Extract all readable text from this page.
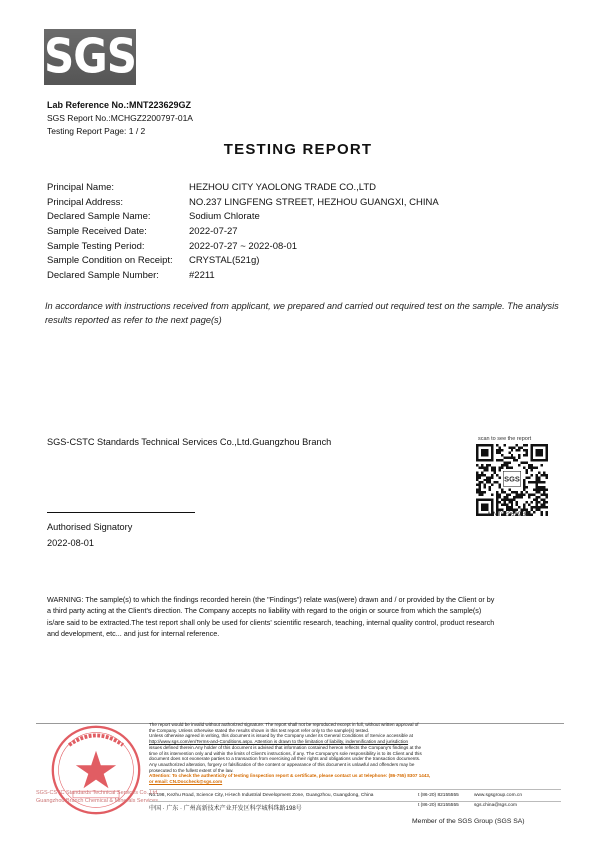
SGS
Lab Reference No.:MNT223629GZ
SGS Report No.:MCHGZ2200797-01A
Testing Report Page: 1 / 2
TESTING REPORT
Principal Name:	HEZHOU CITY YAOLONG TRADE CO.,LTD
Principal Address:	NO.237 LINGFENG STREET, HEZHOU GUANGXI, CHINA
Declared Sample Name:	Sodium Chlorate
Sample Received Date:	2022-07-27
Sample Testing Period:	2022-07-27 ~ 2022-08-01
Sample Condition on Receipt:	CRYSTAL(521g)
Declared Sample Number:	#2211
In accordance with instructions received from applicant, we prepared and carried out required test on the sample. The analysis results reported as refer to the next page(s)
SGS-CSTC Standards Technical Services Co.,Ltd.Guangzhou Branch	scan to see the report
SGS
MNT223629GZ
Authorised Signatory
2022-08-01
WARNING: The sample(s) to which the findings recorded herein (the "Findings") relate was(were) drawn and / or provided by the Client or by
a third party acting at the Client's direction. The Company accepts no liability with regard to the origin or source from which the sample(s)
is/are said to be extracted.The test report shall only be used for clients' scientific research, teaching, internal quality control, product research
and development, etc... and just for internal reference.
SGS-CSTC Standards Technical Services Co.,Ltd.
Guangzhou Branch Chemical & Minerals Services
The report would be invalid without authorized signature. The report shall not be reproduced except in full, without written approval of
the Company. Unless otherwise stated the results shown in this test report refer only to the sample(s) tested.
Unless otherwise agreed in writing, this document is issued by the Company under its General Conditions of Service accessible at
http://www.sgs.com/en/Terms-and-Conditions.aspx. Attention is drawn to the limitation of liability, indemnification and jurisdiction
issues defined therein.Any holder of this document is advised that information contained hereon reflects the Company's findings at the
time of its intervention only and within the limits of Client's instructions, if any. The Company's sole responsibility is to its Client and this
document does not exonerate parties to a transaction from exercising all their rights and obligations under the transaction documents.
Any unauthorized alteration, forgery or falsification of the content or appearance of this document is unlawful and offenders may be
prosecuted to the fullest extent of the law.
Attention: To check the authenticity of testing /inspection report & certificate, please contact us at telephone: (86-755) 8307 1443,
or email: CN.Doccheck@sgs.com
No.198, Kezhu Road, Science City, Hi-tech Industrial Development Zone, Guangzhou, Guangdong, China	t (86-20) 82155555	www.sgsgroup.com.cn
中国 · 广东 · 广州高新技术产业开发区科学城科珠路198号
t (86-20) 82155555	sgs.china@sgs.com
Member of the SGS Group (SGS SA)
